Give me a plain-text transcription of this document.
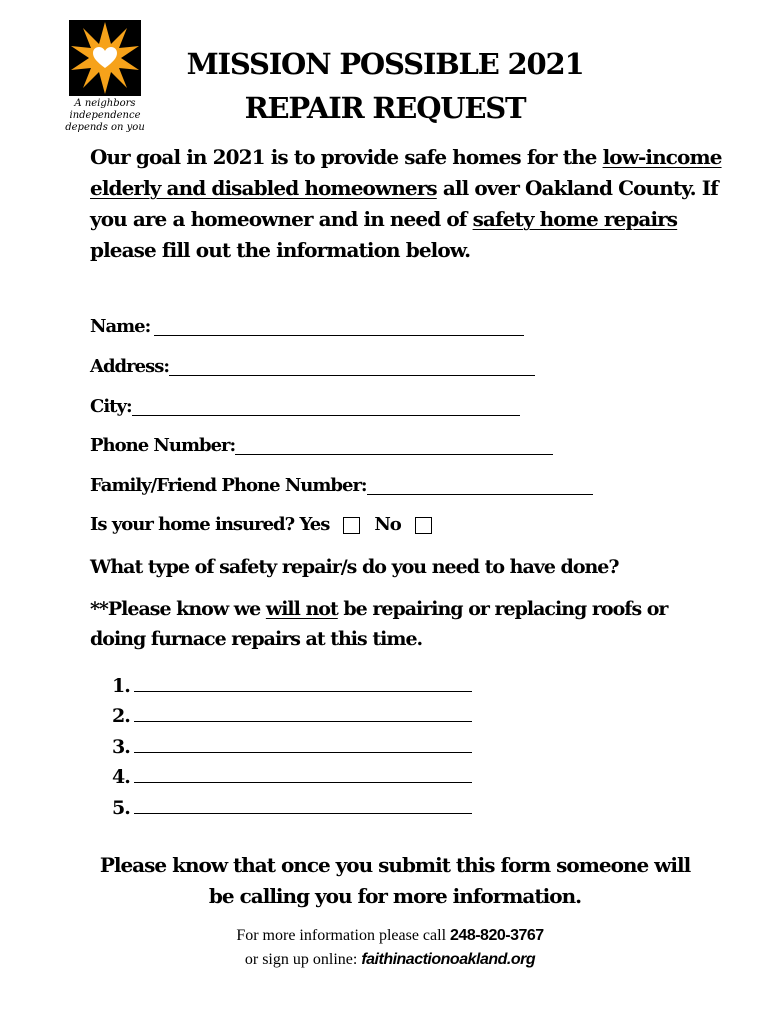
A neighbors
independence
depends on you
MISSION POSSIBLE 2021
REPAIR REQUEST
Our goal in 2021 is to provide safe homes for the low-income elderly and disabled homeowners all over Oakland County. If you are a homeowner and in need of safety home repairs please fill out the information below.
Name:
Address:
City:
Phone Number:
Family/Friend Phone Number:
Is your home insured? Yes	No
What type of safety repair/s do you need to have done?
**Please know we will not be repairing or replacing roofs or doing furnace repairs at this time.
1.
2.
3.
4.
5.
Please know that once you submit this form someone will be calling you for more information.
For more information please call 248-820-3767
or sign up online: faithinactionoakland.org
